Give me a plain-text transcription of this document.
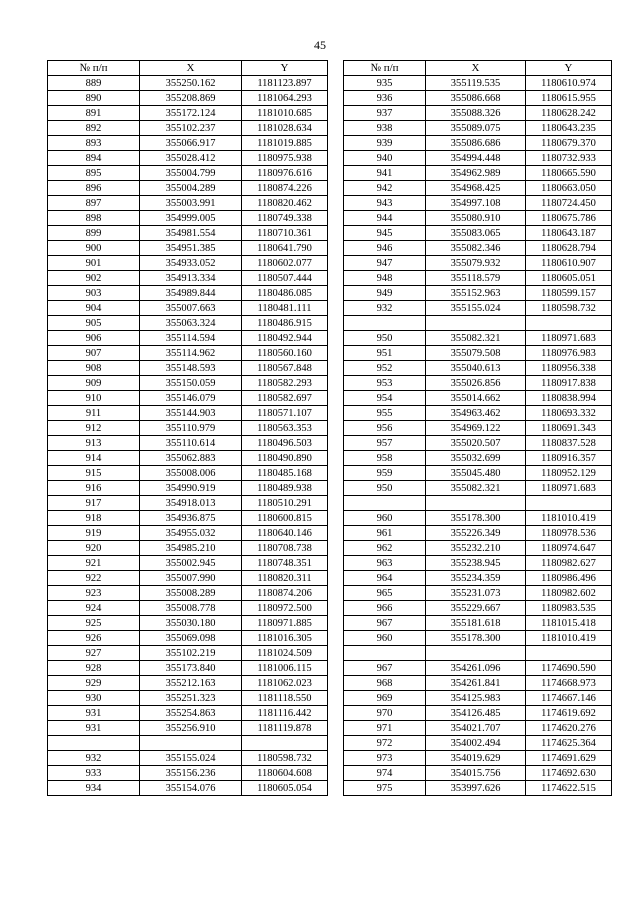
45
№ п/п	X	Y
889	355250.162	1181123.897
890	355208.869	1181064.293
891	355172.124	1181010.685
892	355102.237	1181028.634
893	355066.917	1181019.885
894	355028.412	1180975.938
895	355004.799	1180976.616
896	355004.289	1180874.226
897	355003.991	1180820.462
898	354999.005	1180749.338
899	354981.554	1180710.361
900	354951.385	1180641.790
901	354933.052	1180602.077
902	354913.334	1180507.444
903	354989.844	1180486.085
904	355007.663	1180481.111
905	355063.324	1180486.915
906	355114.594	1180492.944
907	355114.962	1180560.160
908	355148.593	1180567.848
909	355150.059	1180582.293
910	355146.079	1180582.697
911	355144.903	1180571.107
912	355110.979	1180563.353
913	355110.614	1180496.503
914	355062.883	1180490.890
915	355008.006	1180485.168
916	354990.919	1180489.938
917	354918.013	1180510.291
918	354936.875	1180600.815
919	354955.032	1180640.146
920	354985.210	1180708.738
921	355002.945	1180748.351
922	355007.990	1180820.311
923	355008.289	1180874.206
924	355008.778	1180972.500
925	355030.180	1180971.885
926	355069.098	1181016.305
927	355102.219	1181024.509
928	355173.840	1181006.115
929	355212.163	1181062.023
930	355251.323	1181118.550
931	355254.863	1181116.442
931	355256.910	1181119.878

932	355155.024	1180598.732
933	355156.236	1180604.608
934	355154.076	1180605.054
№ п/п	X	Y
935	355119.535	1180610.974
936	355086.668	1180615.955
937	355088.326	1180628.242
938	355089.075	1180643.235
939	355086.686	1180679.370
940	354994.448	1180732.933
941	354962.989	1180665.590
942	354968.425	1180663.050
943	354997.108	1180724.450
944	355080.910	1180675.786
945	355083.065	1180643.187
946	355082.346	1180628.794
947	355079.932	1180610.907
948	355118.579	1180605.051
949	355152.963	1180599.157
932	355155.024	1180598.732

950	355082.321	1180971.683
951	355079.508	1180976.983
952	355040.613	1180956.338
953	355026.856	1180917.838
954	355014.662	1180838.994
955	354963.462	1180693.332
956	354969.122	1180691.343
957	355020.507	1180837.528
958	355032.699	1180916.357
959	355045.480	1180952.129
950	355082.321	1180971.683

960	355178.300	1181010.419
961	355226.349	1180978.536
962	355232.210	1180974.647
963	355238.945	1180982.627
964	355234.359	1180986.496
965	355231.073	1180982.602
966	355229.667	1180983.535
967	355181.618	1181015.418
960	355178.300	1181010.419

967	354261.096	1174690.590
968	354261.841	1174668.973
969	354125.983	1174667.146
970	354126.485	1174619.692
971	354021.707	1174620.276
972	354002.494	1174625.364
973	354019.629	1174691.629
974	354015.756	1174692.630
975	353997.626	1174622.515
